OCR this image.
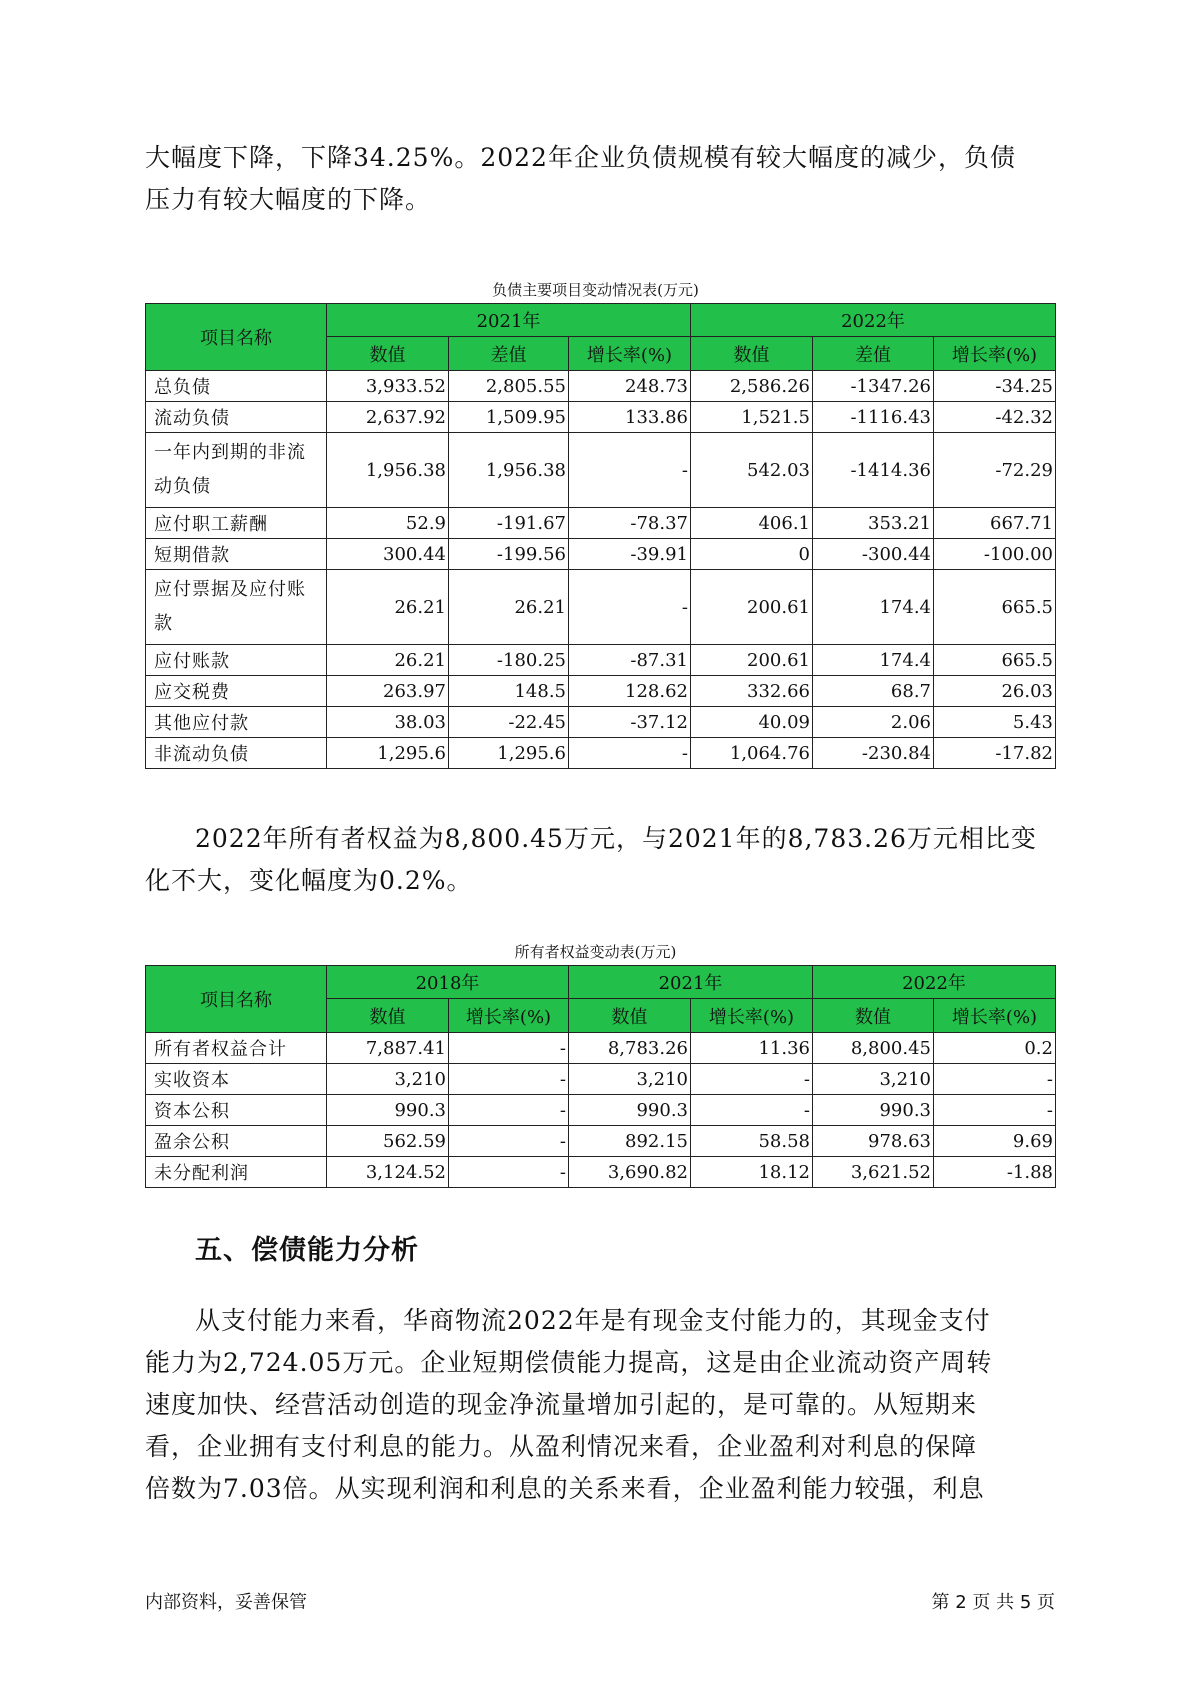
大幅度下降，下降34.25%。2022年企业负债规模有较大幅度的减少，负债
压力有较大幅度的下降。
负债主要项目变动情况表(万元)
项目名称	2021年			2022年		
	数值	差值	增长率(%)	数值	差值	增长率(%)
总负债	3,933.52	2,805.55	248.73	2,586.26	-1347.26	-34.25
流动负债	2,637.92	1,509.95	133.86	1,521.5	-1116.43	-42.32
一年内到期的非流动负债	1,956.38	1,956.38	-	542.03	-1414.36	-72.29
应付职工薪酬	52.9	-191.67	-78.37	406.1	353.21	667.71
短期借款	300.44	-199.56	-39.91	0	-300.44	-100.00
应付票据及应付账款	26.21	26.21	-	200.61	174.4	665.5
应付账款	26.21	-180.25	-87.31	200.61	174.4	665.5
应交税费	263.97	148.5	128.62	332.66	68.7	26.03
其他应付款	38.03	-22.45	-37.12	40.09	2.06	5.43
非流动负债	1,295.6	1,295.6	-	1,064.76	-230.84	-17.82
2022年所有者权益为8,800.45万元，与2021年的8,783.26万元相比变
化不大，变化幅度为0.2%。
所有者权益变动表(万元)
项目名称	2018年		2021年		2022年	
	数值	增长率(%)	数值	增长率(%)	数值	增长率(%)
所有者权益合计	7,887.41	-	8,783.26	11.36	8,800.45	0.2
实收资本	3,210	-	3,210	-	3,210	-
资本公积	990.3	-	990.3	-	990.3	-
盈余公积	562.59	-	892.15	58.58	978.63	9.69
未分配利润	3,124.52	-	3,690.82	18.12	3,621.52	-1.88
五、偿债能力分析
从支付能力来看，华商物流2022年是有现金支付能力的，其现金支付
能力为2,724.05万元。企业短期偿债能力提高，这是由企业流动资产周转
速度加快、经营活动创造的现金净流量增加引起的，是可靠的。从短期来
看，企业拥有支付利息的能力。从盈利情况来看，企业盈利对利息的保障
倍数为7.03倍。从实现利润和利息的关系来看，企业盈利能力较强，利息
内部资料，妥善保管	第 2 页 共 5 页
